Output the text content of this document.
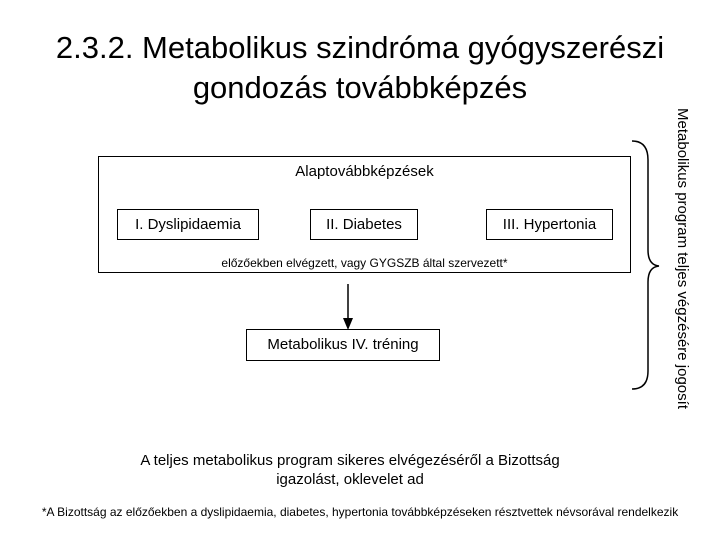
2.3.2. Metabolikus szindróma gyógyszerészi gondozás továbbképzés
Alaptovábbképzések
I. Dyslipidaemia	II. Diabetes	III. Hypertonia
előzőekben elvégzett, vagy GYGSZB által szervezett*
Metabolikus IV. tréning
A teljes metabolikus program sikeres elvégezéséről a Bizottság igazolást, oklevelet ad
Metabolikus program teljes végzésére jogosít
*A Bizottság az előzőekben a dyslipidaemia, diabetes, hypertonia továbbképzéseken résztvettek névsorával rendelkezik
